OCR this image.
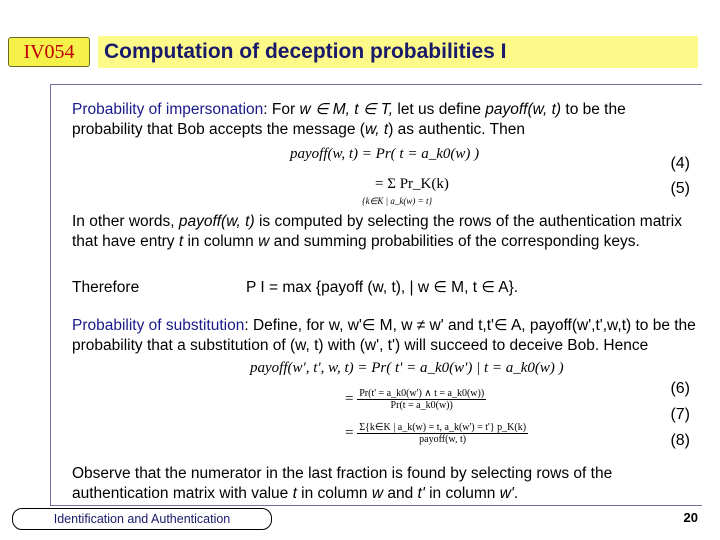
IV054	Computation of deception probabilities I
Probability of impersonation: For w ∈ M, t ∈ T, let us define payoff(w, t) to be the probability that Bob accepts the message (w, t) as authentic. Then
payoff(w, t) = Pr( t = a_k0(w) )
(4)
= Σ Pr_K(k)
{k∈K | a_k(w) = t}
(5)
In other words, payoff(w, t) is computed by selecting the rows of the authentication matrix that have entry t in column w and summing probabilities of the corresponding keys.
Therefore	P I = max {payoff (w, t), | w ∈ M, t ∈ A}.
Probability of substitution: Define, for w, w'∈ M, w ≠ w' and t,t'∈ A, payoff(w',t',w,t) to be the probability that a substitution of (w, t) with (w', t') will succeed to deceive Bob. Hence
payoff(w', t', w, t) = Pr( t' = a_k0(w') | t = a_k0(w) )
(6)
= $\frac{Pr(t' = a\_k0(w') \wedge t = a\_k0(w))}{Pr(t = a\_k0(w))}$
(7)
= $\frac{\Sigma\{k\in K | a\_k(w) = t, a\_k(w') = t'\} p\_K(k)}{\text{payoff(w, t)}}$	(8)
Observe that the numerator in the last fraction is found by selecting rows of the authentication matrix with value t in column w and t' in column w'.
Identification and Authentication	20
